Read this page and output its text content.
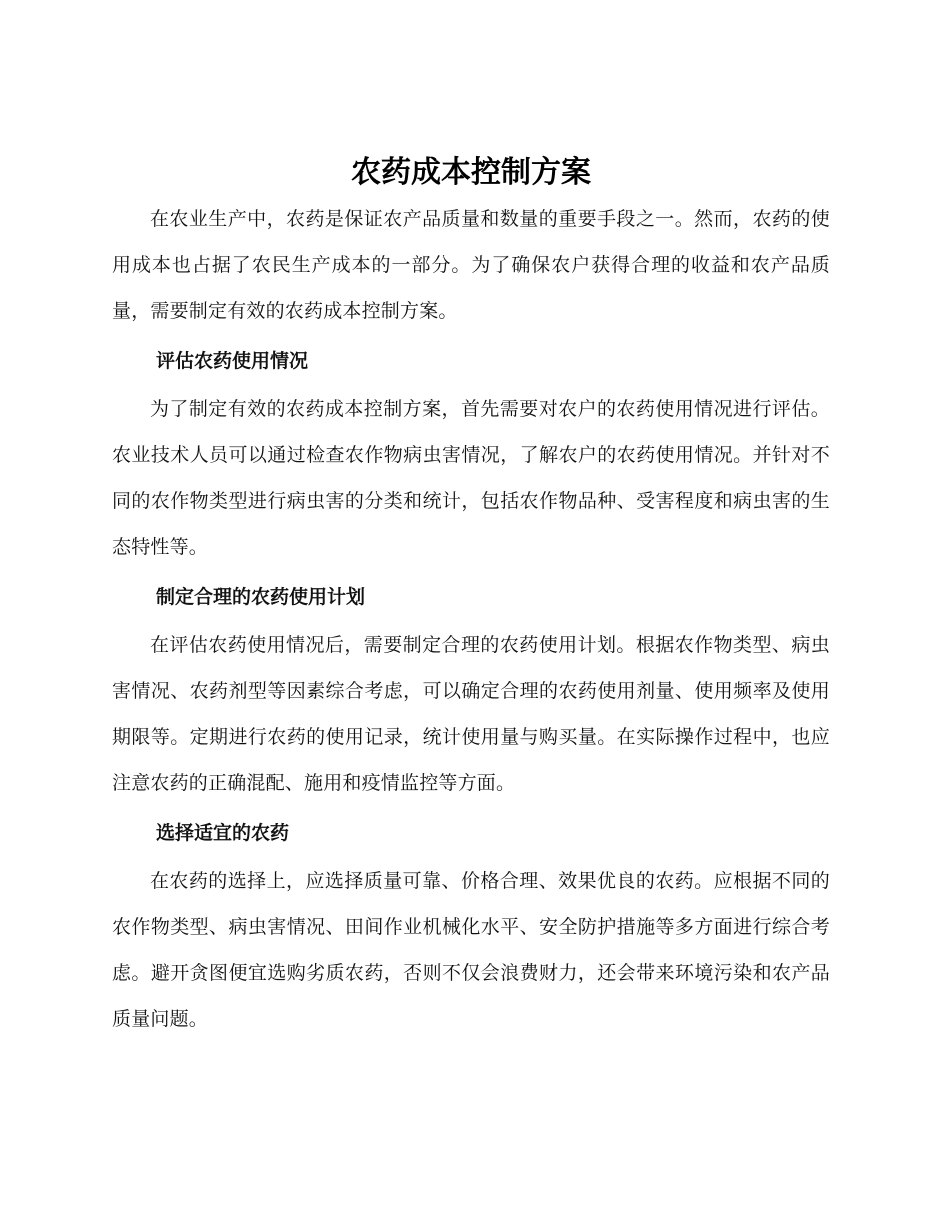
农药成本控制方案

在农业生产中，农药是保证农产品质量和数量的重要手段之一。然而，农药的使用成本也占据了农民生产成本的一部分。为了确保农户获得合理的收益和农产品质量，需要制定有效的农药成本控制方案。

评估农药使用情况

为了制定有效的农药成本控制方案，首先需要对农户的农药使用情况进行评估。农业技术人员可以通过检查农作物病虫害情况，了解农户的农药使用情况。并针对不同的农作物类型进行病虫害的分类和统计，包括农作物品种、受害程度和病虫害的生态特性等。

制定合理的农药使用计划

在评估农药使用情况后，需要制定合理的农药使用计划。根据农作物类型、病虫害情况、农药剂型等因素综合考虑，可以确定合理的农药使用剂量、使用频率及使用期限等。定期进行农药的使用记录，统计使用量与购买量。在实际操作过程中，也应注意农药的正确混配、施用和疫情监控等方面。

选择适宜的农药

在农药的选择上，应选择质量可靠、价格合理、效果优良的农药。应根据不同的农作物类型、病虫害情况、田间作业机械化水平、安全防护措施等多方面进行综合考虑。避开贪图便宜选购劣质农药，否则不仅会浪费财力，还会带来环境污染和农产品质量问题。
